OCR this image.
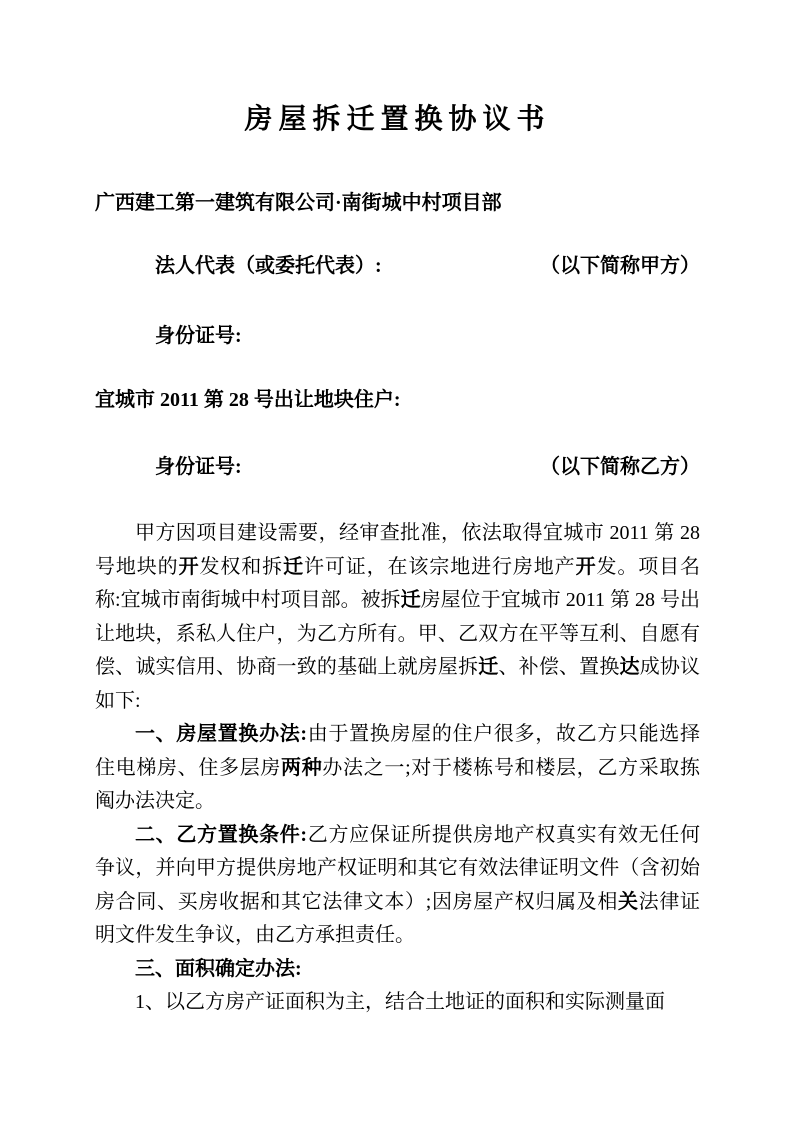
房屋拆迁置换协议书
广西建工第一建筑有限公司·南街城中村项目部
法人代表（或委托代表）:	（以下简称甲方）
身份证号:
宜城市 2011 第 28 号出让地块住户:
身份证号:	（以下简称乙方）

甲方因项目建设需要，经审查批准，依法取得宜城市 2011 第 28 号地块的开发权和拆迁许可证，在该宗地进行房地产开发。项目名称:宜城市南街城中村项目部。被拆迁房屋位于宜城市 2011 第 28 号出让地块，系私人住户，为乙方所有。甲、乙双方在平等互利、自愿有偿、诚实信用、协商一致的基础上就房屋拆迁、补偿、置换达成协议如下:

一、房屋置换办法:由于置换房屋的住户很多，故乙方只能选择住电梯房、住多层房两种办法之一;对于楼栋号和楼层，乙方采取拣阄办法决定。

二、乙方置换条件:乙方应保证所提供房地产权真实有效无任何争议，并向甲方提供房地产权证明和其它有效法律证明文件（含初始房合同、买房收据和其它法律文本）;因房屋产权归属及相关法律证明文件发生争议，由乙方承担责任。

三、面积确定办法:

1、以乙方房产证面积为主，结合土地证的面积和实际测量面
